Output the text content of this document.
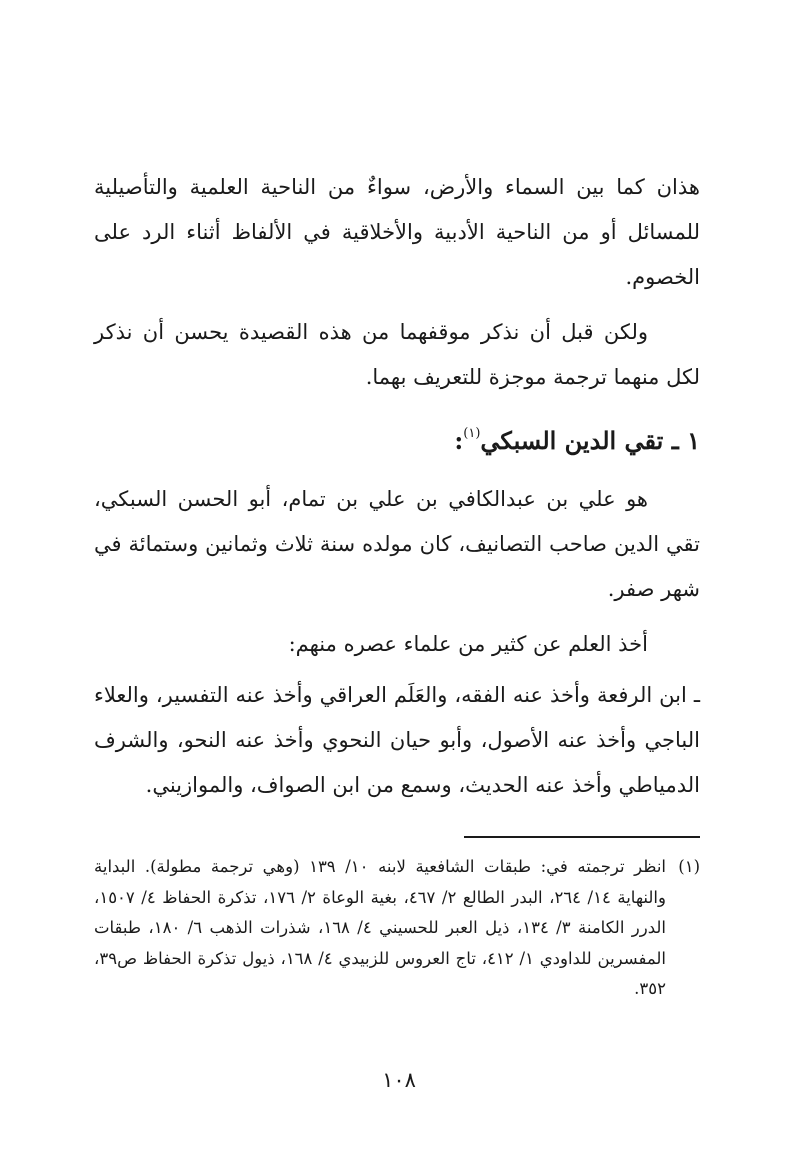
هذان كما بين السماء والأرض، سواءٌ من الناحية العلمية والتأصيلية للمسائل أو من الناحية الأدبية والأخلاقية في الألفاظ أثناء الرد على الخصوم.

ولكن قبل أن نذكر موقفهما من هذه القصيدة يحسن أن نذكر لكل منهما ترجمة موجزة للتعريف بهما.

١ ـ تقي الدين السبكي$^{(١)}$:

هو علي بن عبدالكافي بن علي بن تمام، أبو الحسن السبكي، تقي الدين صاحب التصانيف، كان مولده سنة ثلاث وثمانين وستمائة في شهر صفر.

أخذ العلم عن كثير من علماء عصره منهم:

ـ ابن الرفعة وأخذ عنه الفقه، والعَلَم العراقي وأخذ عنه التفسير، والعلاء الباجي وأخذ عنه الأصول، وأبو حيان النحوي وأخذ عنه النحو، والشرف الدمياطي وأخذ عنه الحديث، وسمع من ابن الصواف، والموازيني.

(١)
انظر ترجمته في: طبقات الشافعية لابنه ١٠/ ١٣٩ (وهي ترجمة مطولة). البداية والنهاية ١٤/ ٢٦٤، البدر الطالع ٢/ ٤٦٧، بغية الوعاة ٢/ ١٧٦، تذكرة الحفاظ ٤/ ١٥٠٧، الدرر الكامنة ٣/ ١٣٤، ذيل العبر للحسيني ٤/ ١٦٨، شذرات الذهب ٦/ ١٨٠، طبقات المفسرين للداودي ١/ ٤١٢، تاج العروس للزبيدي ٤/ ١٦٨، ذيول تذكرة الحفاظ ص٣٩، ٣٥٢.
١٠٨
